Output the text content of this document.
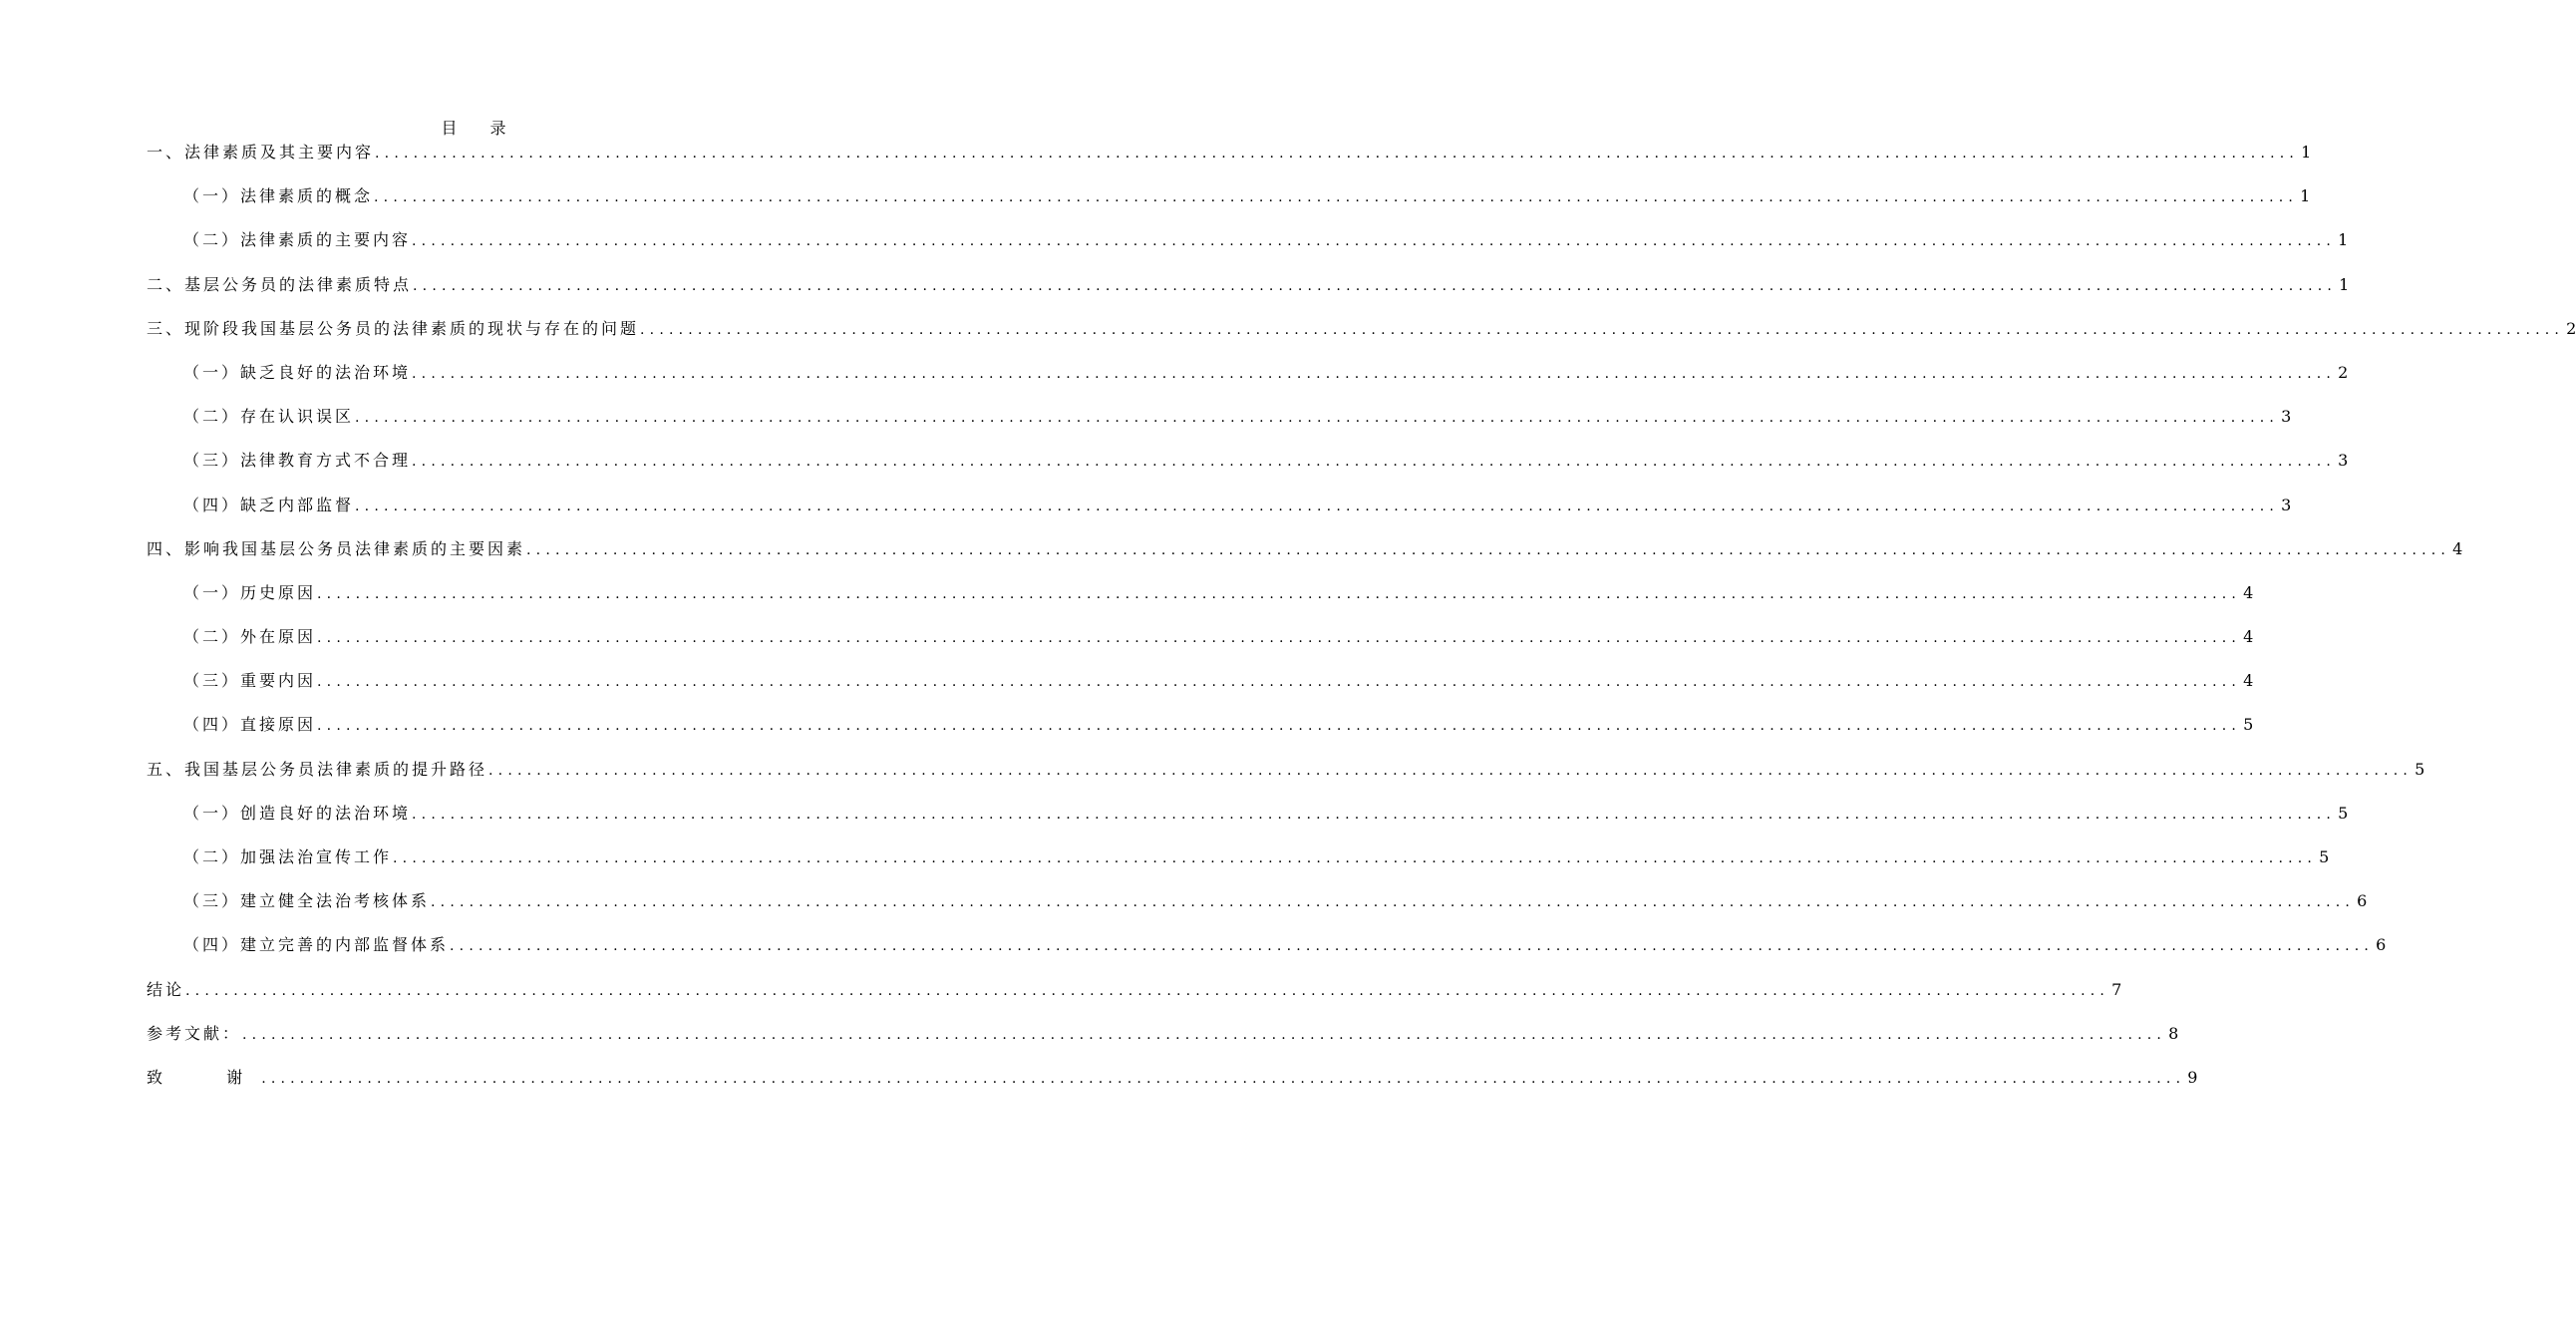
目 录
一、法律素质及其主要内容 ........................................................................................................................................................................................................ 1
（一）法律素质的概念 ........................................................................................................................................................................................................ 1
（二）法律素质的主要内容 ........................................................................................................................................................................................................ 1
二、基层公务员的法律素质特点 ........................................................................................................................................................................................................ 1
三、现阶段我国基层公务员的法律素质的现状与存在的问题 ........................................................................................................................................................................................................ 2
（一）缺乏良好的法治环境 ........................................................................................................................................................................................................ 2
（二）存在认识误区 ........................................................................................................................................................................................................ 3
（三）法律教育方式不合理 ........................................................................................................................................................................................................ 3
（四）缺乏内部监督 ........................................................................................................................................................................................................ 3
四、影响我国基层公务员法律素质的主要因素 ........................................................................................................................................................................................................ 4
（一）历史原因 ........................................................................................................................................................................................................ 4
（二）外在原因 ........................................................................................................................................................................................................ 4
（三）重要内因 ........................................................................................................................................................................................................ 4
（四）直接原因 ........................................................................................................................................................................................................ 5
五、我国基层公务员法律素质的提升路径 ........................................................................................................................................................................................................ 5
（一）创造良好的法治环境 ........................................................................................................................................................................................................ 5
（二）加强法治宣传工作 ........................................................................................................................................................................................................ 5
（三）建立健全法治考核体系 ........................................................................................................................................................................................................ 6
（四）建立完善的内部监督体系 ........................................................................................................................................................................................................ 6
结论 ........................................................................................................................................................................................................ 7
参考文献： ........................................................................................................................................................................................................ 8
致  谢 ........................................................................................................................................................................................................ 9
